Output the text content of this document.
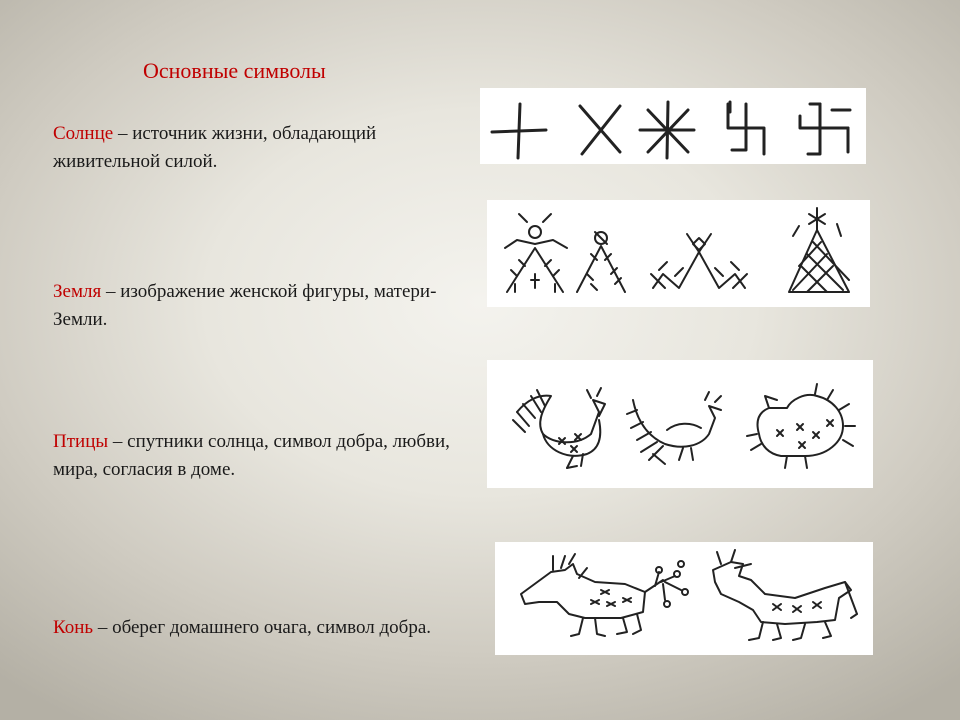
Основные символы
Солнце – источник жизни, обладающий живительной силой.
Земля – изображение женской фигуры, матери-Земли.
Птицы – спутники солнца, символ добра, любви, мира, согласия в доме.
Конь – оберег домашнего очага, символ добра.
